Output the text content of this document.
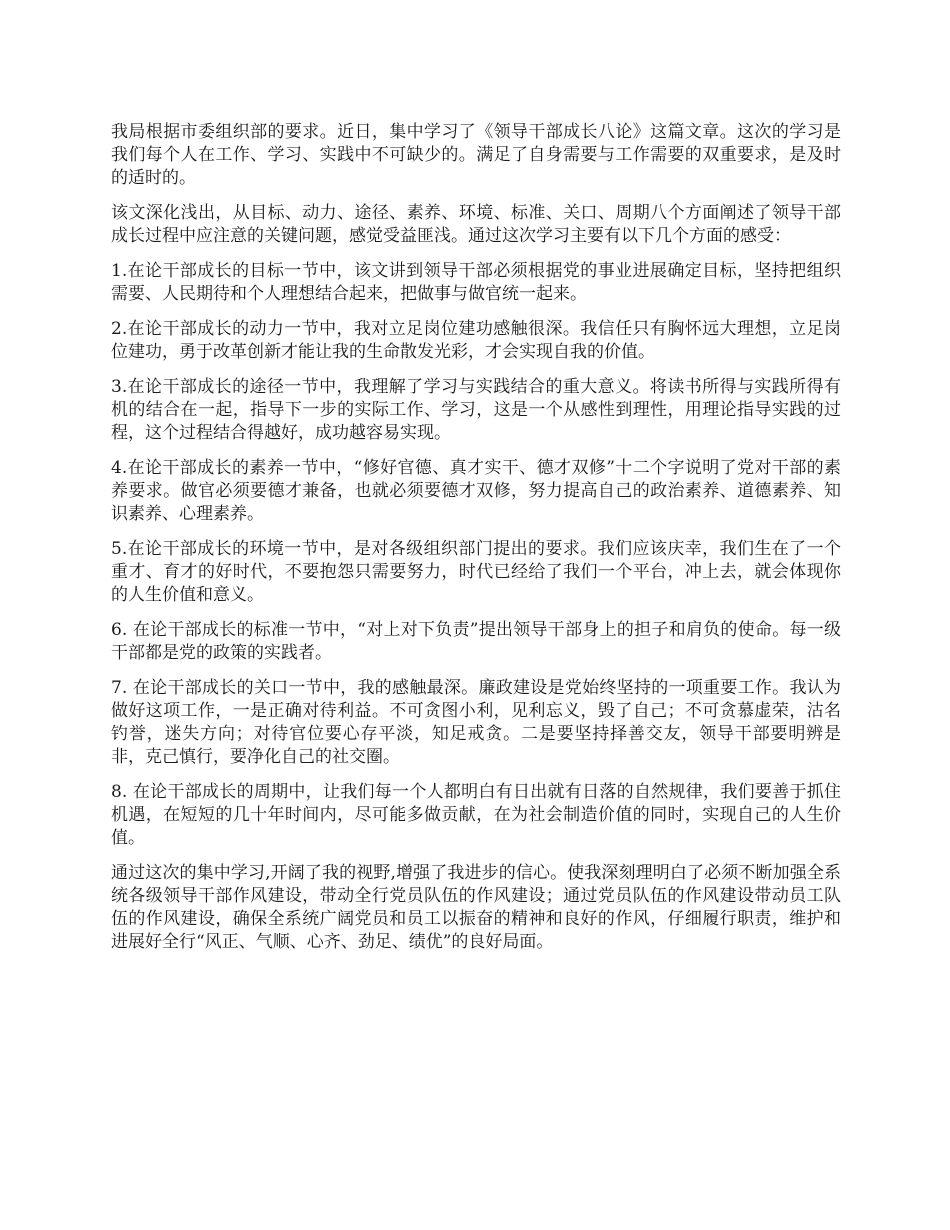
我局根据市委组织部的要求。近日，集中学习了《领导干部成长八论》这篇文章。这次的学习是我们每个人在工作、学习、实践中不可缺少的。满足了自身需要与工作需要的双重要求，是及时的适时的。

该文深化浅出，从目标、动力、途径、素养、环境、标准、关口、周期八个方面阐述了领导干部成长过程中应注意的关键问题，感觉受益匪浅。通过这次学习主要有以下几个方面的感受：

1.在论干部成长的目标一节中，该文讲到领导干部必须根据党的事业进展确定目标，坚持把组织需要、人民期待和个人理想结合起来，把做事与做官统一起来。

2.在论干部成长的动力一节中，我对立足岗位建功感触很深。我信任只有胸怀远大理想，立足岗位建功，勇于改革创新才能让我的生命散发光彩，才会实现自我的价值。

3.在论干部成长的途径一节中，我理解了学习与实践结合的重大意义。将读书所得与实践所得有机的结合在一起，指导下一步的实际工作、学习，这是一个从感性到理性，用理论指导实践的过程，这个过程结合得越好，成功越容易实现。

4.在论干部成长的素养一节中，“修好官德、真才实干、德才双修”十二个字说明了党对干部的素养要求。做官必须要德才兼备，也就必须要德才双修，努力提高自己的政治素养、道德素养、知识素养、心理素养。

5.在论干部成长的环境一节中，是对各级组织部门提出的要求。我们应该庆幸，我们生在了一个重才、育才的好时代，不要抱怨只需要努力，时代已经给了我们一个平台，冲上去，就会体现你的人生价值和意义。

6. 在论干部成长的标准一节中，“对上对下负责”提出领导干部身上的担子和肩负的使命。每一级干部都是党的政策的实践者。

7. 在论干部成长的关口一节中，我的感触最深。廉政建设是党始终坚持的一项重要工作。我认为做好这项工作，一是正确对待利益。不可贪图小利，见利忘义，毁了自己；不可贪慕虚荣，沽名钓誉，迷失方向；对待官位要心存平淡，知足戒贪。二是要坚持择善交友，领导干部要明辨是非，克己慎行，要净化自己的社交圈。

8. 在论干部成长的周期中，让我们每一个人都明白有日出就有日落的自然规律，我们要善于抓住机遇，在短短的几十年时间内，尽可能多做贡献，在为社会制造价值的同时，实现自己的人生价值。

通过这次的集中学习,开阔了我的视野,增强了我进步的信心。使我深刻理明白了必须不断加强全系统各级领导干部作风建设，带动全行党员队伍的作风建设；通过党员队伍的作风建设带动员工队伍的作风建设，确保全系统广阔党员和员工以振奋的精神和良好的作风，仔细履行职责，维护和进展好全行“风正、气顺、心齐、劲足、绩优”的良好局面。
